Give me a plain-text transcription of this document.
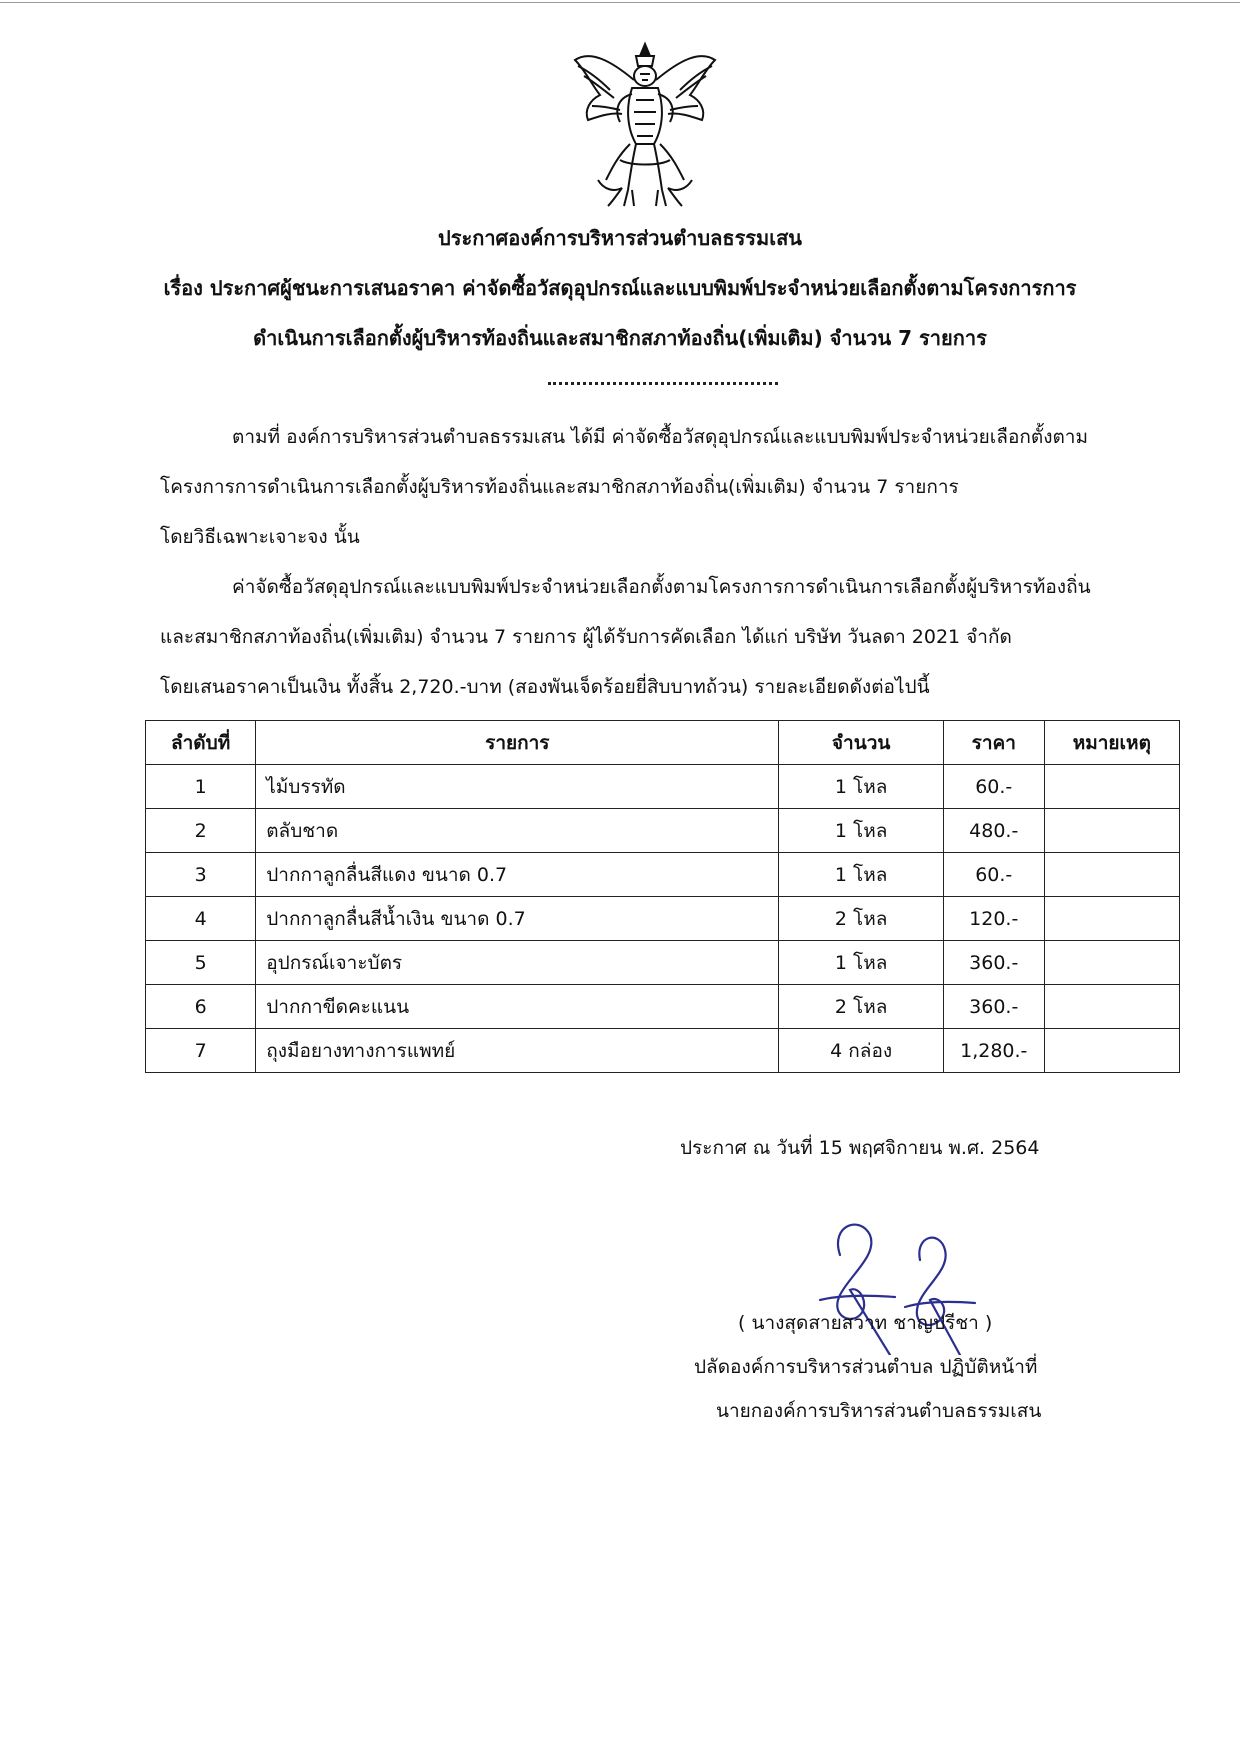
ประกาศองค์การบริหารส่วนตำบลธรรมเสน
เรื่อง ประกาศผู้ชนะการเสนอราคา ค่าจัดซื้อวัสดุอุปกรณ์และแบบพิมพ์ประจำหน่วยเลือกตั้งตามโครงการการ
ดำเนินการเลือกตั้งผู้บริหารท้องถิ่นและสมาชิกสภาท้องถิ่น(เพิ่มเติม) จำนวน 7 รายการ
ตามที่ องค์การบริหารส่วนตำบลธรรมเสน ได้มี ค่าจัดซื้อวัสดุอุปกรณ์และแบบพิมพ์ประจำหน่วยเลือกตั้งตาม
โครงการการดำเนินการเลือกตั้งผู้บริหารท้องถิ่นและสมาชิกสภาท้องถิ่น(เพิ่มเติม) จำนวน 7 รายการ
โดยวิธีเฉพาะเจาะจง นั้น
ค่าจัดซื้อวัสดุอุปกรณ์และแบบพิมพ์ประจำหน่วยเลือกตั้งตามโครงการการดำเนินการเลือกตั้งผู้บริหารท้องถิ่น
และสมาชิกสภาท้องถิ่น(เพิ่มเติม) จำนวน 7 รายการ ผู้ได้รับการคัดเลือก ได้แก่ บริษัท วันลดา 2021 จำกัด
โดยเสนอราคาเป็นเงิน ทั้งสิ้น 2,720.-บาท (สองพันเจ็ดร้อยยี่สิบบาทถ้วน) รายละเอียดดังต่อไปนี้
ลำดับที่	รายการ	จำนวน	ราคา	หมายเหตุ
1	ไม้บรรทัด	1 โหล	60.-	
2	ตลับชาด	1 โหล	480.-	
3	ปากกาลูกลื่นสีแดง ขนาด 0.7	1 โหล	60.-	
4	ปากกาลูกลื่นสีน้ำเงิน ขนาด 0.7	2 โหล	120.-	
5	อุปกรณ์เจาะบัตร	1 โหล	360.-	
6	ปากกาขีดคะแนน	2 โหล	360.-	
7	ถุงมือยางทางการแพทย์	4 กล่อง	1,280.-	
ประกาศ ณ วันที่ 15 พฤศจิกายน พ.ศ. 2564
( นางสุดสายสวาท ชาญปรีชา )
ปลัดองค์การบริหารส่วนตำบล ปฏิบัติหน้าที่
นายกองค์การบริหารส่วนตำบลธรรมเสน
